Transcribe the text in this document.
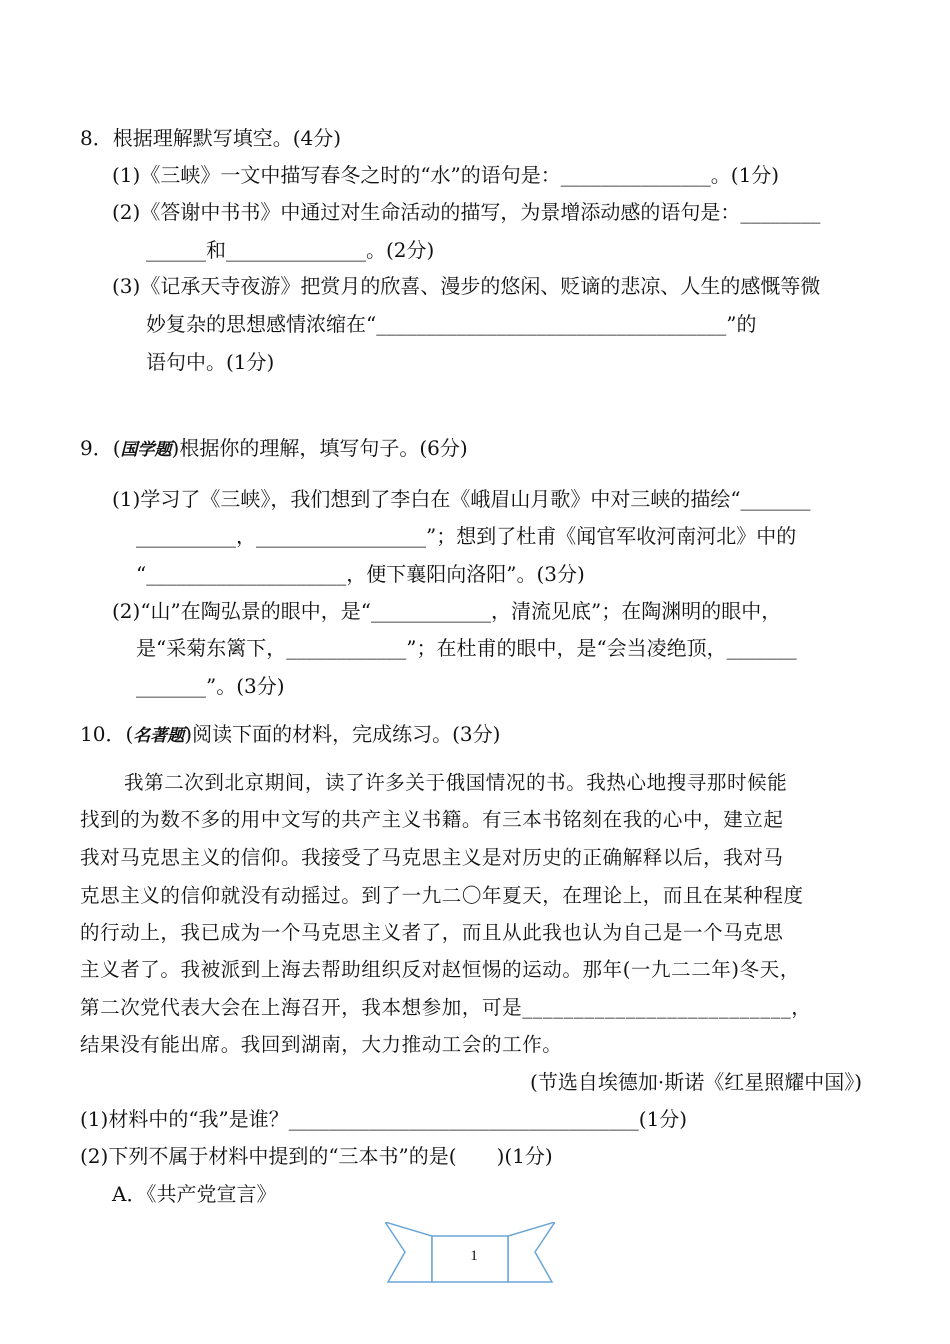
8．根据理解默写填空。(4分)
(1)《三峡》一文中描写春冬之时的“水”的语句是：_______________。(1分)
(2)《答谢中书书》中通过对生命活动的描写，为景增添动感的语句是：________
______和______________。(2分)
(3)《记承天寺夜游》把赏月的欣喜、漫步的悠闲、贬谪的悲凉、人生的感慨等微
妙复杂的思想感情浓缩在“___________________________________”的
语句中。(1分)
9．(国学题)根据你的理解，填写句子。(6分)
(1)学习了《三峡》，我们想到了李白在《峨眉山月歌》中对三峡的描绘“_______
__________，_________________”；想到了杜甫《闻官军收河南河北》中的
“____________________，便下襄阳向洛阳”。(3分)
(2)“山”在陶弘景的眼中，是“____________，清流见底”；在陶渊明的眼中，
是“采菊东篱下，____________”；在杜甫的眼中，是“会当凌绝顶，_______
_______”。(3分)
10．(名著题)阅读下面的材料，完成练习。(3分)
我第二次到北京期间，读了许多关于俄国情况的书。我热心地搜寻那时候能
找到的为数不多的用中文写的共产主义书籍。有三本书铭刻在我的心中，建立起
我对马克思主义的信仰。我接受了马克思主义是对历史的正确解释以后，我对马
克思主义的信仰就没有动摇过。到了一九二〇年夏天，在理论上，而且在某种程度
的行动上，我已成为一个马克思主义者了，而且从此我也认为自己是一个马克思
主义者了。我被派到上海去帮助组织反对赵恒惕的运动。那年(一九二二年)冬天，
第二次党代表大会在上海召开，我本想参加，可是__________________________，
结果没有能出席。我回到湖南，大力推动工会的工作。
(节选自埃德加·斯诺《红星照耀中国》)
(1)材料中的“我”是谁？___________________________________(1分)
(2)下列不属于材料中提到的“三本书”的是(　　)(1分)
A．《共产党宣言》
1
